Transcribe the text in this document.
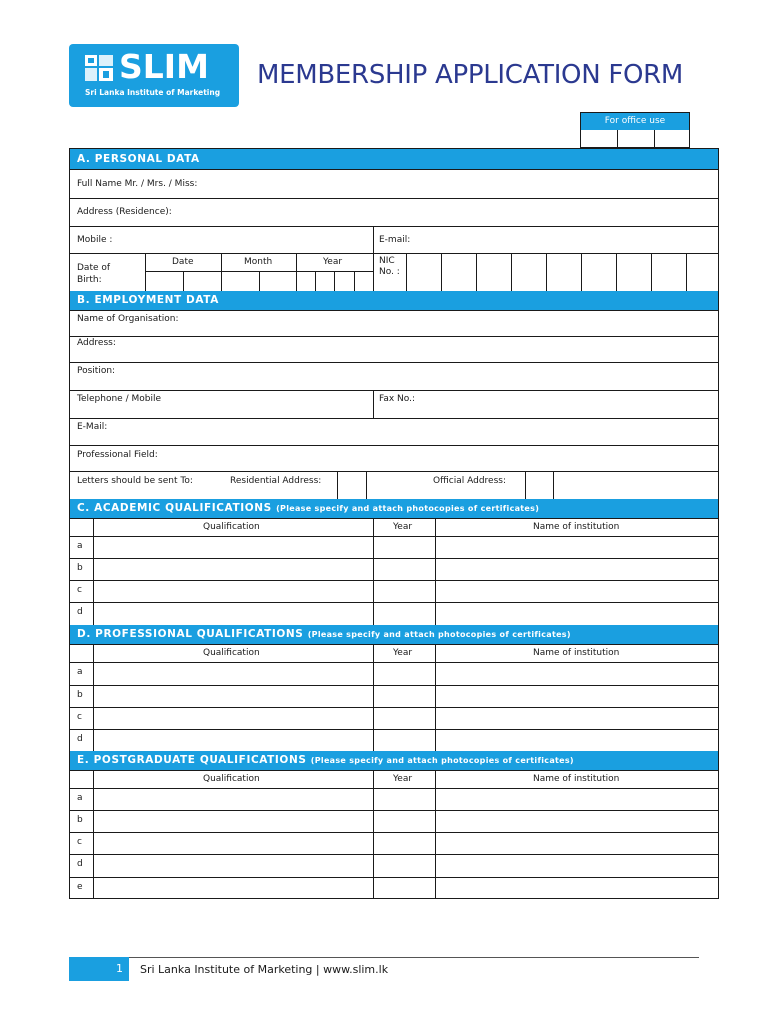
SLIM
Sri Lanka Institute of Marketing
MEMBERSHIP APPLICATION FORM
For office use
A. PERSONAL DATA
Full Name Mr. / Mrs. / Miss:
Address (Residence):
Mobile :	E-mail:
Date of Birth:
Date	Month	Year	NIC No. :
B. EMPLOYMENT DATA
Name of Organisation:
Address:
Position:
Telephone / Mobile	Fax No.:
E-Mail:
Professional Field:
Letters should be sent To:	Residential Address:	Official Address:
C. ACADEMIC QUALIFICATIONS (Please specify and attach photocopies of certificates)
Qualification	Year	Name of institution
a
b
c
d
D. PROFESSIONAL QUALIFICATIONS (Please specify and attach photocopies of certificates)
Qualification	Year	Name of institution
a
b
c
d
E. POSTGRADUATE QUALIFICATIONS (Please specify and attach photocopies of certificates)
Qualification	Year	Name of institution
a
b
c
d
e
1 Sri Lanka Institute of Marketing | www.slim.lk
